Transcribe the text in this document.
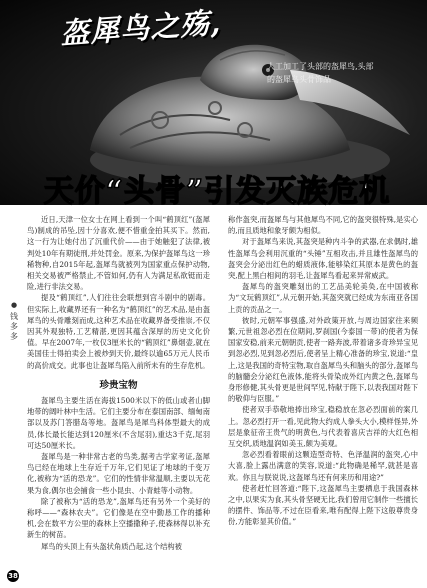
盔犀鸟之殇,
人工加工了头部的盔犀鸟,头部
的盔犀鸟头骨饰品
天价“头骨”引发灭族危机
●
钱
多
多

近日,天津一位女士在网上看到一个叫“鹤顶红”(盔犀鸟)制成的吊坠,因十分喜欢,便不惜重金拍其买下。然而,这一行为让她付出了沉重代价——由于她触犯了法律,被判处10年有期徒刑,并处罚金。原来,为保护盔犀鸟这一珍稀物种,自2015年起,盔犀鸟就被列为国家重点保护动物,相关交易被严格禁止,不管如何,仍有人为满足私欲铤而走险,进行非法交易。

提及“鹤顶红”,人们往往会联想到宫斗剧中的剧毒。但实际上,收藏界还有一种名为“鹤顶红”的艺术品,是由盔犀鸟的头骨雕刻而成,这种艺术品在收藏界备受推崇,不仅因其外观独特,工艺精湛,更因其蕴含深厚的历史文化价值。早在2007年,一枚仅3厘米长的“鹤顶红”鼻烟壶,就在美国佳士得拍卖会上被炒到天价,最终以逾65万元人民币的高价成交。此事也让盔犀鸟陷入前所未有的生存危机。

珍贵宝物

盔犀鸟主要生活在海拔1500米以下的低山或者山脚地带的阔叶林中生活。它们主要分布在泰国南部、缅甸南部以及苏门答腊岛等地。盔犀鸟是犀鸟科体型最大的成员,体长最长能达到120厘米(不含尾羽),重达3千克,尾羽可达50厘米长。

盔犀鸟是一种非常古老的鸟类,据考古学家考证,盔犀鸟已经在地球上生存近千万年,它们见证了地球的千变万化,被称为“活的恐龙”。它们的性情非常温顺,主要以无花果为食,偶尔也会捕食一些小昆虫、小青蛙等小动物。

除了被称为“活的恐龙”,盔犀鸟还有另外一个美好的称呼——“森林农夫”。它们像是在空中勤恳工作的播种机,会在数平方公里的森林上空播撒种子,使森林得以补充新生的树苗。

犀鸟的头顶上有头盔状角质凸起,这个结构被

称作盔突,而盔犀鸟与其他犀鸟不同,它的盔突很特殊,是实心的,而且质地和象牙颇为相似。

对于盔犀鸟来说,其盔突是种内斗争的武器,在求偶时,雄性盔犀鸟会利用沉重的“头锤”互相攻击,并且雄性盔犀鸟的盔突会分泌出红色的蜡质液体,能够染红其原本是黄色的盔突,配上黑白相间的羽毛,让盔犀鸟看起来异常威武。

盔犀鸟的盔突雕刻出的工艺品美轮美奂,在中国被称为“文玩鹤顶红”,从元朝开始,其盔突就已经成为东南亚各国上贡的贡品之一。

彼时,元朝军事强盛,对外政策开放,与周边国家往来频繁,元世祖忽必烈在位期间,罗刹国(今泰国一带)的使者为保国家安稳,前来元朝朝贡,使者一路奔波,带着诸多奇珍异宝见到忽必烈,见到忽必烈后,使者呈上精心准备的珍宝,说道:“皇上,这是我国的奇特宝物,取自盔犀鸟头和脑头的部分,盔犀鸟的脑髓会分泌红色液体,能将头骨染成外红内黄之色,盔犀鸟身形修健,其头骨更是世间罕见,特献于陛下,以表我国对陛下的敬仰与臣服。”

使者双手恭敬地捧出珍宝,稳稳放在忽必烈面前的案几上。忽必烈打开一看,见此物大约成人拳头大小,模样怪异,外层是象征帝王贵气的明黄色,与代表着喜庆吉祥的大红色相互交织,质地温润如美玉,颇为美观。

忽必烈看着眼前这颗造型奇特、色泽温润的盔突,心中大喜,脸上露出满意的笑容,说道:“此物确是稀罕,就甚是喜欢。你且与朕说说,这盔犀鸟还有何来历和用途?”

使者赶忙回答道:“陛下,这盔犀鸟主要栖息于我国森林之中,以果实为食,其头骨坚硬无比,我们曾用它制作一些擅长的摆件、饰品等,不过在臣看来,唯有配得上陛下这般尊贵身份,方能彰显其价值。”

38
